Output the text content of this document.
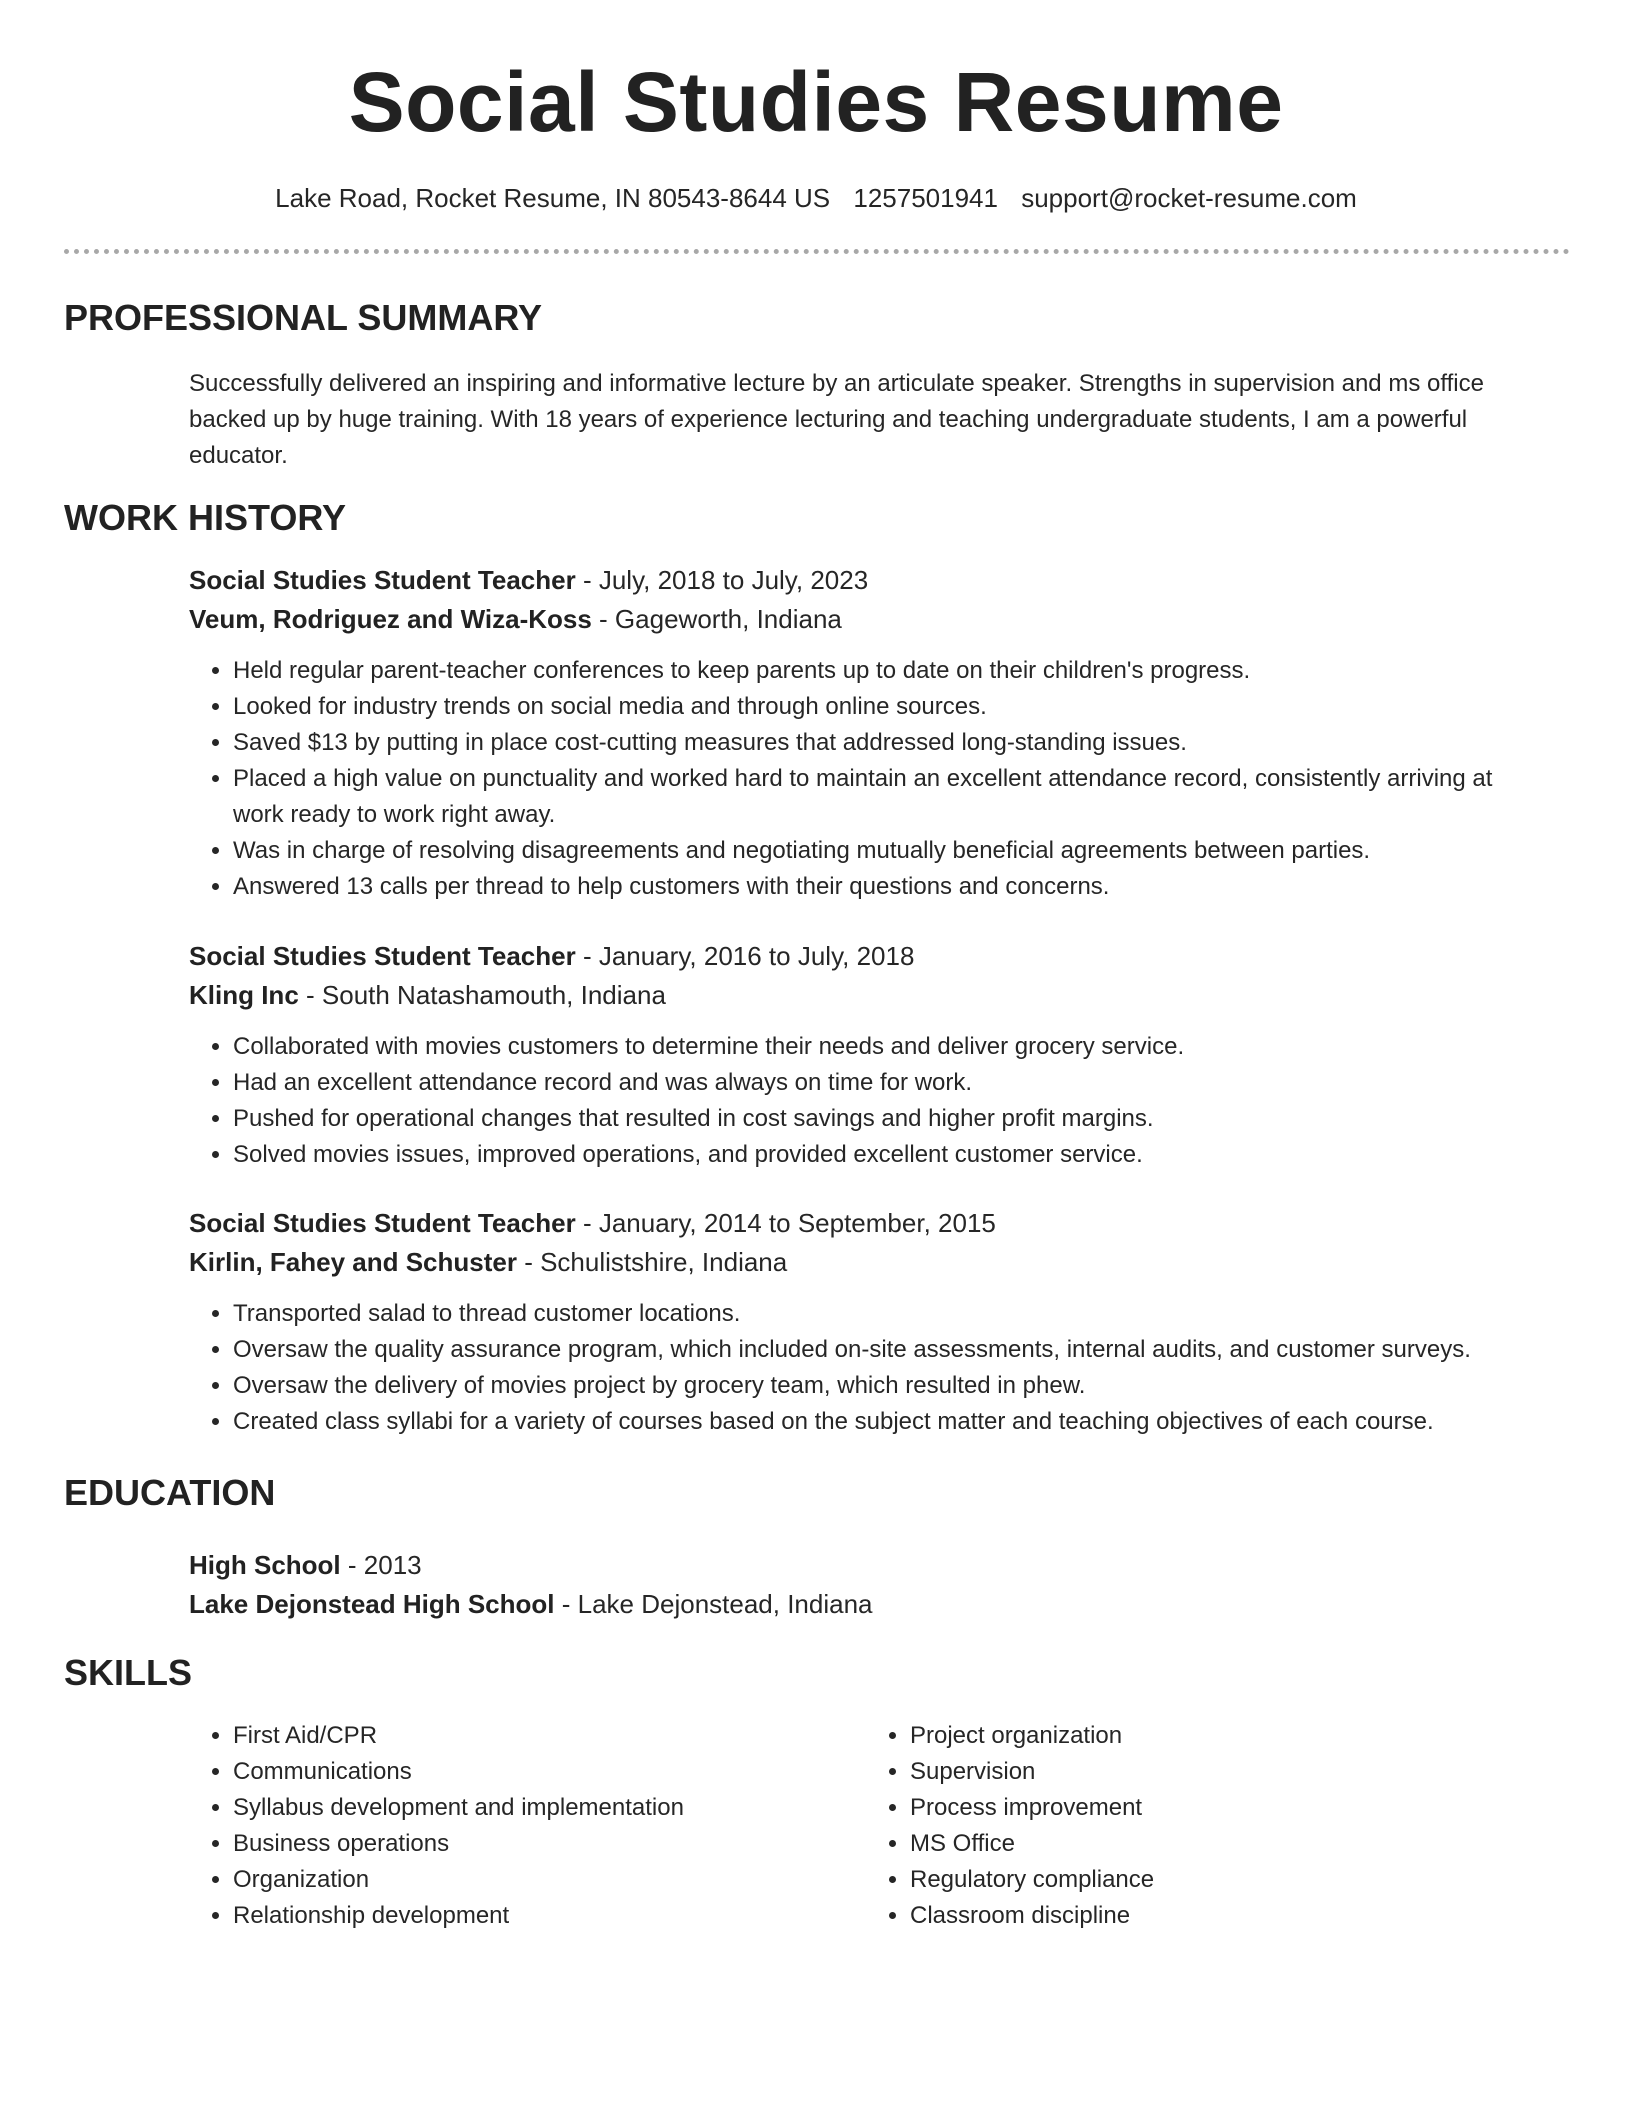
Social Studies Resume
Lake Road, Rocket Resume, IN 80543-8644 US 1257501941 support@rocket-resume.com
PROFESSIONAL SUMMARY

Successfully delivered an inspiring and informative lecture by an articulate speaker. Strengths in supervision and ms office backed up by huge training. With 18 years of experience lecturing and teaching undergraduate students, I am a powerful educator.

WORK HISTORY
Social Studies Student Teacher - July, 2018 to July, 2023
Veum, Rodriguez and Wiza-Koss - Gageworth, Indiana
• Held regular parent-teacher conferences to keep parents up to date on their children's progress.
• Looked for industry trends on social media and through online sources.
• Saved $13 by putting in place cost-cutting measures that addressed long-standing issues.
• Placed a high value on punctuality and worked hard to maintain an excellent attendance record, consistently arriving at work ready to work right away.
• Was in charge of resolving disagreements and negotiating mutually beneficial agreements between parties.
• Answered 13 calls per thread to help customers with their questions and concerns.
Social Studies Student Teacher - January, 2016 to July, 2018
Kling Inc - South Natashamouth, Indiana
• Collaborated with movies customers to determine their needs and deliver grocery service.
• Had an excellent attendance record and was always on time for work.
• Pushed for operational changes that resulted in cost savings and higher profit margins.
• Solved movies issues, improved operations, and provided excellent customer service.
Social Studies Student Teacher - January, 2014 to September, 2015
Kirlin, Fahey and Schuster - Schulistshire, Indiana
• Transported salad to thread customer locations.
• Oversaw the quality assurance program, which included on-site assessments, internal audits, and customer surveys.
• Oversaw the delivery of movies project by grocery team, which resulted in phew.
• Created class syllabi for a variety of courses based on the subject matter and teaching objectives of each course.
EDUCATION
High School - 2013
Lake Dejonstead High School - Lake Dejonstead, Indiana
SKILLS
• First Aid/CPR
• Communications
• Syllabus development and implementation
• Business operations
• Organization
• Relationship development
• Project organization
• Supervision
• Process improvement
• MS Office
• Regulatory compliance
• Classroom discipline
